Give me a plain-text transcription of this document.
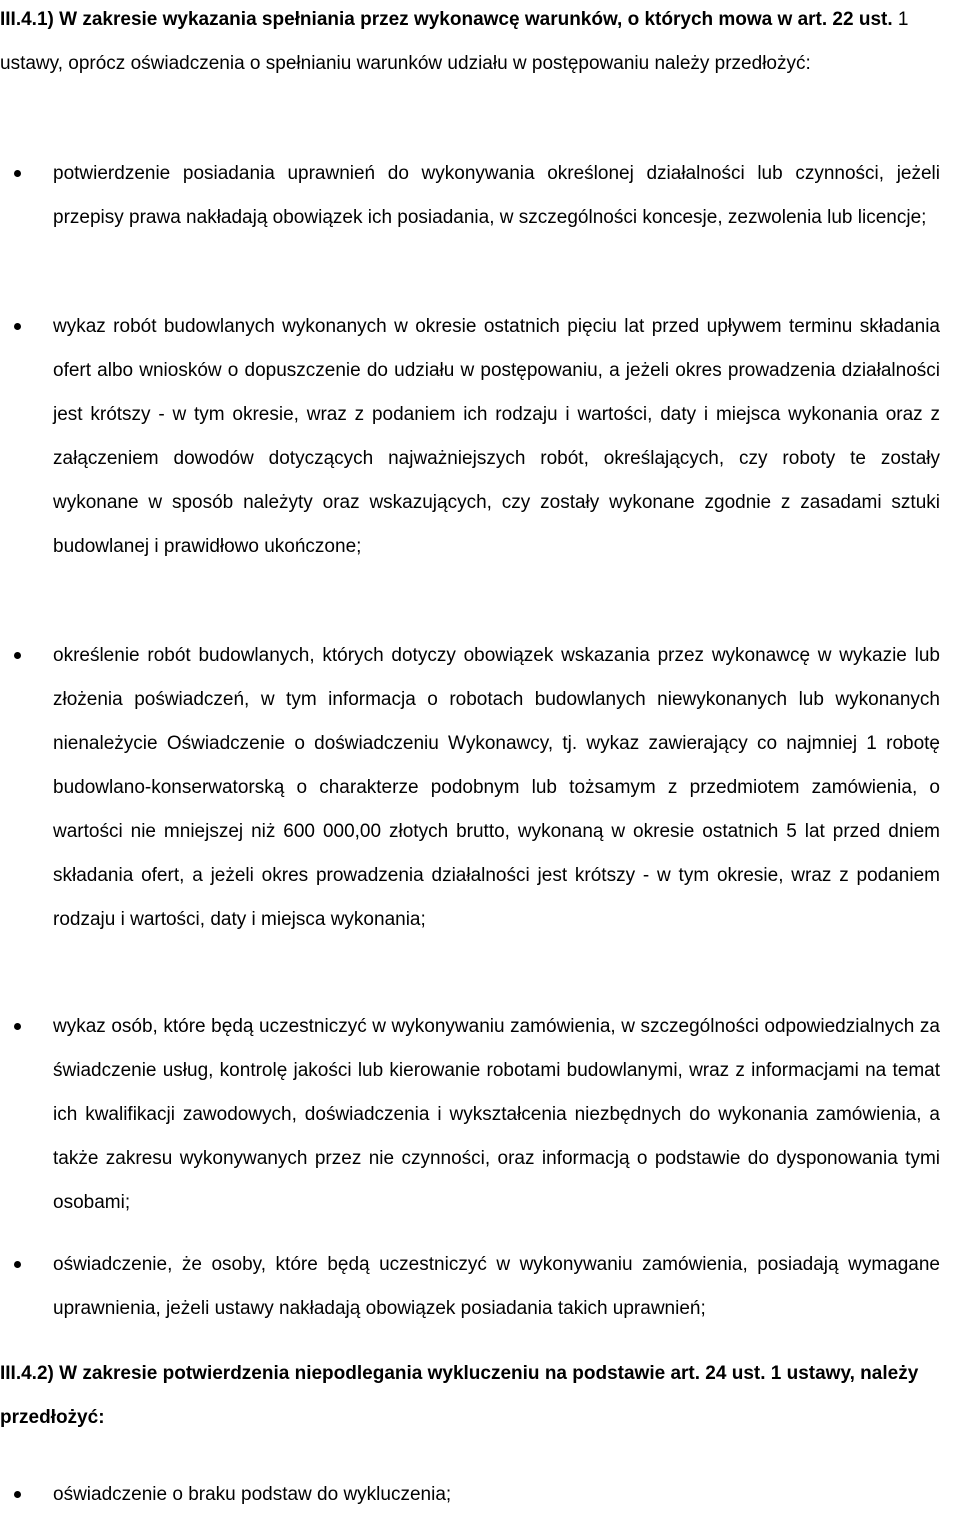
III.4.1) W zakresie wykazania spełniania przez wykonawcę warunków, o których mowa w art. 22 ust. 1 ustawy, oprócz oświadczenia o spełnianiu warunków udziału w postępowaniu należy przedłożyć:
potwierdzenie posiadania uprawnień do wykonywania określonej działalności lub czynności, jeżeli przepisy prawa nakładają obowiązek ich posiadania, w szczególności koncesje, zezwolenia lub licencje;
wykaz robót budowlanych wykonanych w okresie ostatnich pięciu lat przed upływem terminu składania ofert albo wniosków o dopuszczenie do udziału w postępowaniu, a jeżeli okres prowadzenia działalności jest krótszy - w tym okresie, wraz z podaniem ich rodzaju i wartości, daty i miejsca wykonania oraz z załączeniem dowodów dotyczących najważniejszych robót, określających, czy roboty te zostały wykonane w sposób należyty oraz wskazujących, czy zostały wykonane zgodnie z zasadami sztuki budowlanej i prawidłowo ukończone;
określenie robót budowlanych, których dotyczy obowiązek wskazania przez wykonawcę w wykazie lub złożenia poświadczeń, w tym informacja o robotach budowlanych niewykonanych lub wykonanych nienależycie Oświadczenie o doświadczeniu Wykonawcy, tj. wykaz zawierający co najmniej 1 robotę budowlano-konserwatorską o charakterze podobnym lub tożsamym z przedmiotem zamówienia, o wartości nie mniejszej niż 600 000,00 złotych brutto, wykonaną w okresie ostatnich 5 lat przed dniem składania ofert, a jeżeli okres prowadzenia działalności jest krótszy - w tym okresie, wraz z podaniem rodzaju i wartości, daty i miejsca wykonania;
wykaz osób, które będą uczestniczyć w wykonywaniu zamówienia, w szczególności odpowiedzialnych za świadczenie usług, kontrolę jakości lub kierowanie robotami budowlanymi, wraz z informacjami na temat ich kwalifikacji zawodowych, doświadczenia i wykształcenia niezbędnych do wykonania zamówienia, a także zakresu wykonywanych przez nie czynności, oraz informacją o podstawie do dysponowania tymi osobami;
oświadczenie, że osoby, które będą uczestniczyć w wykonywaniu zamówienia, posiadają wymagane uprawnienia, jeżeli ustawy nakładają obowiązek posiadania takich uprawnień;
III.4.2) W zakresie potwierdzenia niepodlegania wykluczeniu na podstawie art. 24 ust. 1 ustawy, należy przedłożyć:
oświadczenie o braku podstaw do wykluczenia;
